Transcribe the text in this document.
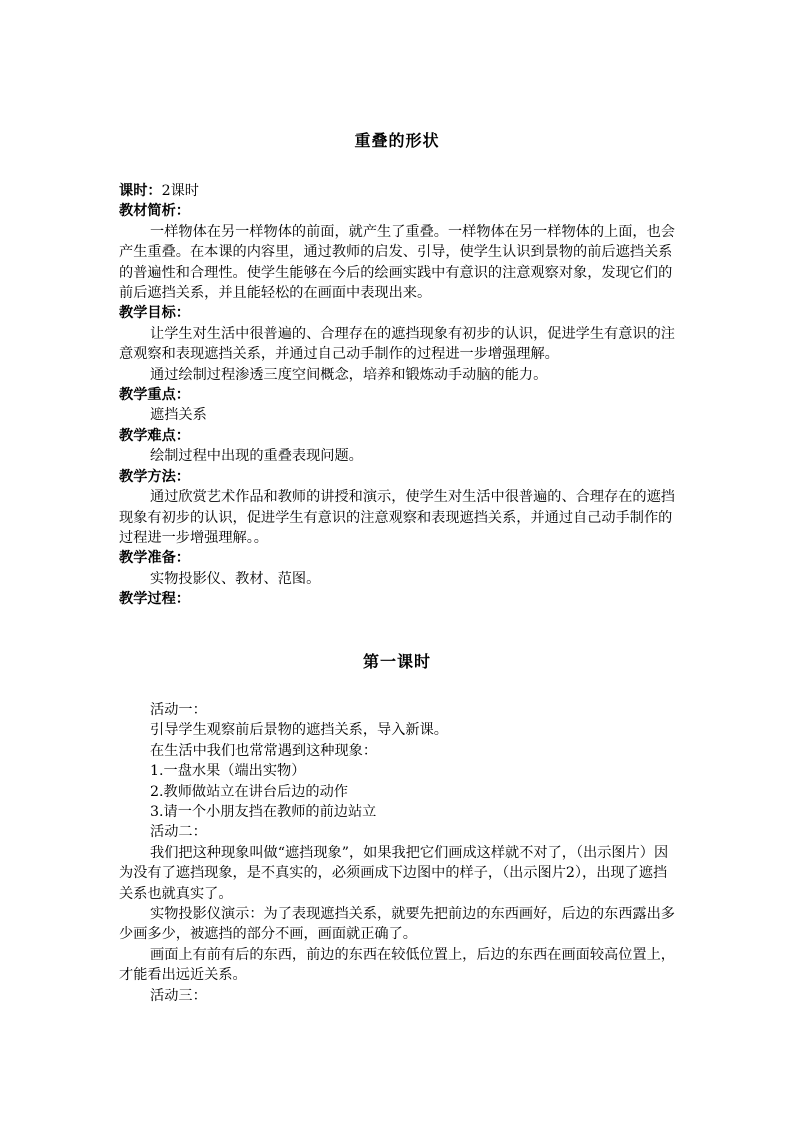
重叠的形状

课时：2课时

教材简析：

一样物体在另一样物体的前面，就产生了重叠。一样物体在另一样物体的上面，也会产生重叠。在本课的内容里，通过教师的启发、引导，使学生认识到景物的前后遮挡关系的普遍性和合理性。使学生能够在今后的绘画实践中有意识的注意观察对象，发现它们的前后遮挡关系，并且能轻松的在画面中表现出来。

教学目标：

让学生对生活中很普遍的、合理存在的遮挡现象有初步的认识，促进学生有意识的注意观察和表现遮挡关系，并通过自己动手制作的过程进一步增强理解。

通过绘制过程渗透三度空间概念，培养和锻炼动手动脑的能力。

教学重点：

遮挡关系

教学难点：

绘制过程中出现的重叠表现问题。

教学方法：

通过欣赏艺术作品和教师的讲授和演示，使学生对生活中很普遍的、合理存在的遮挡现象有初步的认识，促进学生有意识的注意观察和表现遮挡关系，并通过自己动手制作的过程进一步增强理解。。

教学准备：

实物投影仪、教材、范图。

教学过程：

第一课时

活动一：

引导学生观察前后景物的遮挡关系，导入新课。

在生活中我们也常常遇到这种现象：

1.一盘水果（端出实物）

2.教师做站立在讲台后边的动作

3.请一个小朋友挡在教师的前边站立

活动二：

我们把这种现象叫做“遮挡现象”，如果我把它们画成这样就不对了，（出示图片）因为没有了遮挡现象，是不真实的，必须画成下边图中的样子，（出示图片2），出现了遮挡关系也就真实了。

实物投影仪演示：为了表现遮挡关系，就要先把前边的东西画好，后边的东西露出多少画多少，被遮挡的部分不画，画面就正确了。

画面上有前有后的东西，前边的东西在较低位置上，后边的东西在画面较高位置上，才能看出远近关系。

活动三：
